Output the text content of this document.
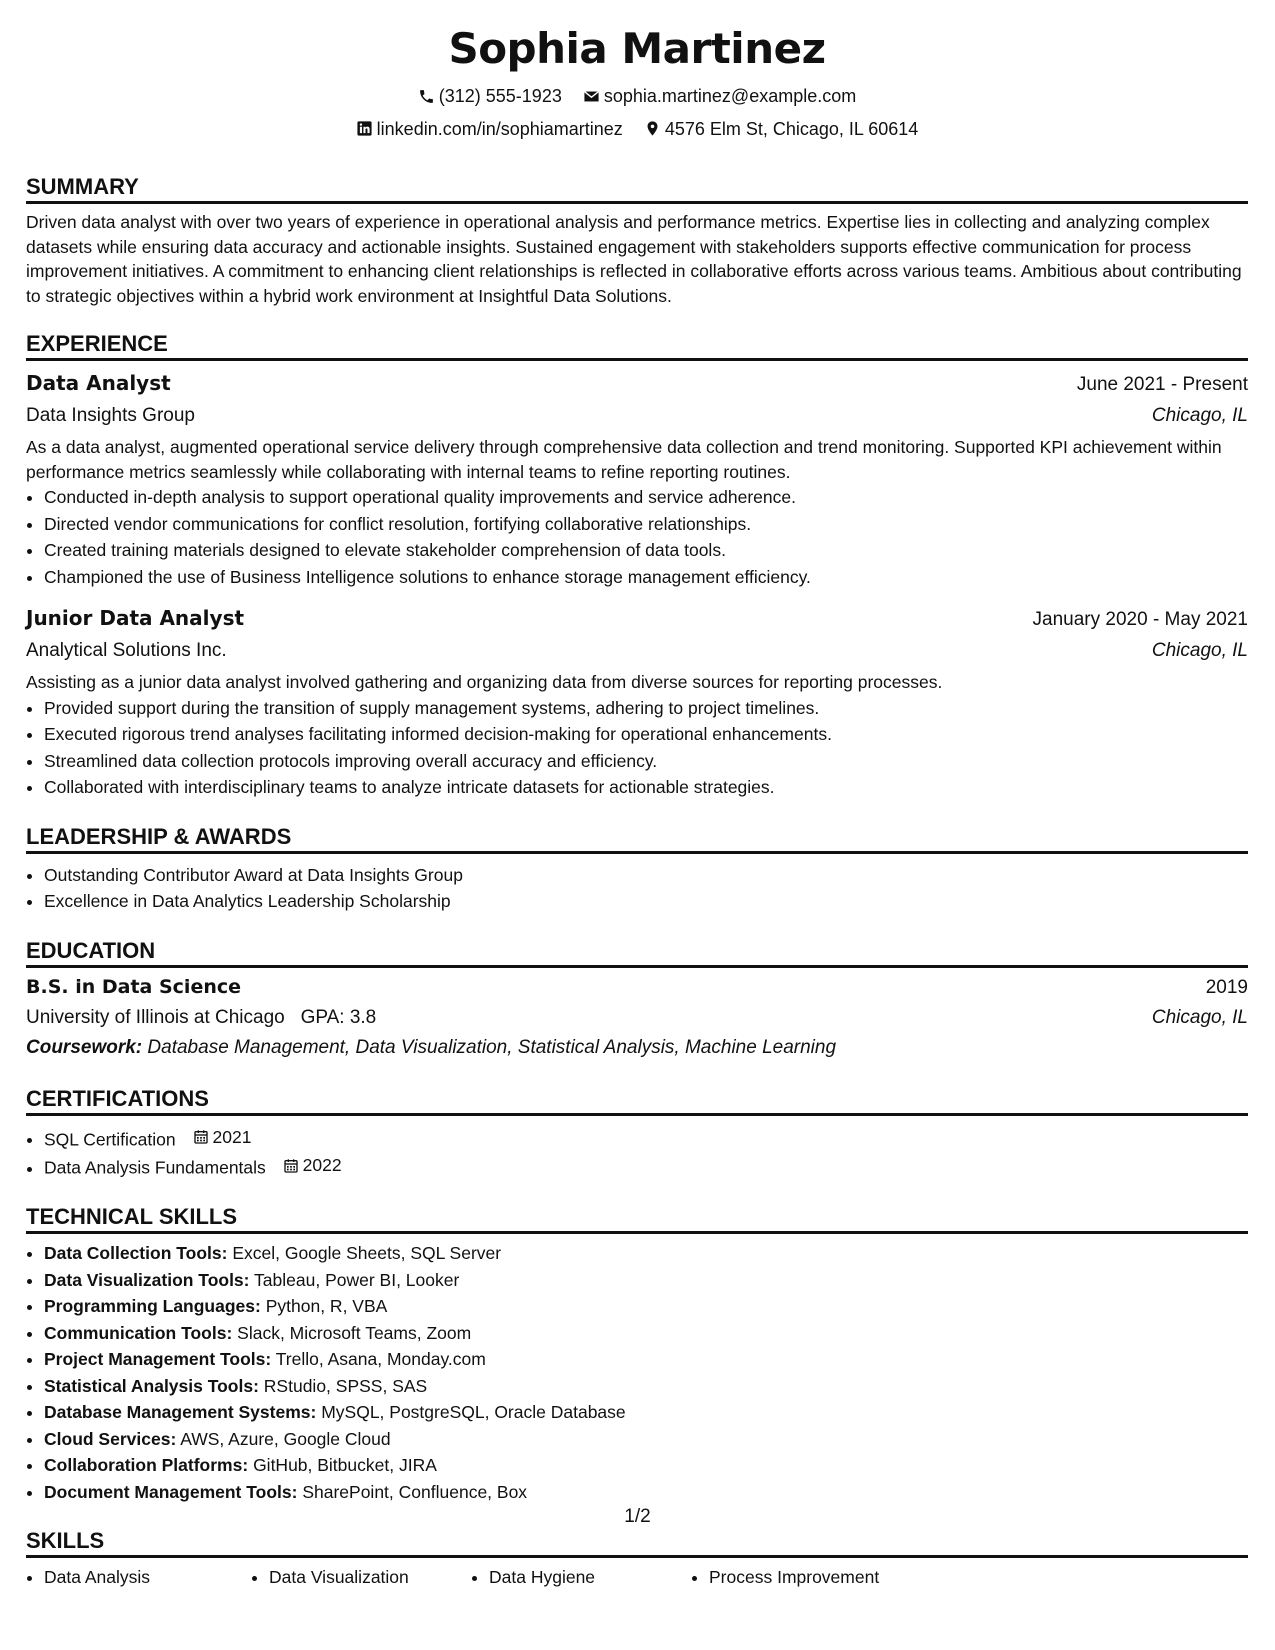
Sophia Martinez
(312) 555-1923
sophia.martinez@example.com
linkedin.com/in/sophiamartinez
4576 Elm St, Chicago, IL 60614
SUMMARY

Driven data analyst with over two years of experience in operational analysis and performance metrics. Expertise lies in collecting and analyzing complex datasets while ensuring data accuracy and actionable insights. Sustained engagement with stakeholders supports effective communication for process improvement initiatives. A commitment to enhancing client relationships is reflected in collaborative efforts across various teams. Ambitious about contributing to strategic objectives within a hybrid work environment at Insightful Data Solutions.

EXPERIENCE
Data Analyst	June 2021 - Present
Data Insights Group	Chicago, IL

As a data analyst, augmented operational service delivery through comprehensive data collection and trend monitoring. Supported KPI achievement within performance metrics seamlessly while collaborating with internal teams to refine reporting routines.

• Conducted in-depth analysis to support operational quality improvements and service adherence.
• Directed vendor communications for conflict resolution, fortifying collaborative relationships.
• Created training materials designed to elevate stakeholder comprehension of data tools.
• Championed the use of Business Intelligence solutions to enhance storage management efficiency.
Junior Data Analyst	January 2020 - May 2021
Analytical Solutions Inc.	Chicago, IL

Assisting as a junior data analyst involved gathering and organizing data from diverse sources for reporting processes.

• Provided support during the transition of supply management systems, adhering to project timelines.
• Executed rigorous trend analyses facilitating informed decision-making for operational enhancements.
• Streamlined data collection protocols improving overall accuracy and efficiency.
• Collaborated with interdisciplinary teams to analyze intricate datasets for actionable strategies.
LEADERSHIP & AWARDS
• Outstanding Contributor Award at Data Insights Group
• Excellence in Data Analytics Leadership Scholarship
EDUCATION
B.S. in Data Science	2019
University of Illinois at Chicago GPA: 3.8	Chicago, IL
Coursework: Database Management, Data Visualization, Statistical Analysis, Machine Learning
CERTIFICATIONS
• SQL Certification 2021
• Data Analysis Fundamentals 2022
TECHNICAL SKILLS
• Data Collection Tools: Excel, Google Sheets, SQL Server
• Data Visualization Tools: Tableau, Power BI, Looker
• Programming Languages: Python, R, VBA
• Communication Tools: Slack, Microsoft Teams, Zoom
• Project Management Tools: Trello, Asana, Monday.com
• Statistical Analysis Tools: RStudio, SPSS, SAS
• Database Management Systems: MySQL, PostgreSQL, Oracle Database
• Cloud Services: AWS, Azure, Google Cloud
• Collaboration Platforms: GitHub, Bitbucket, JIRA
• Document Management Tools: SharePoint, Confluence, Box
SKILLS
• Data Analysis	• Data Visualization	• Data Hygiene	• Process Improvement
1/2
